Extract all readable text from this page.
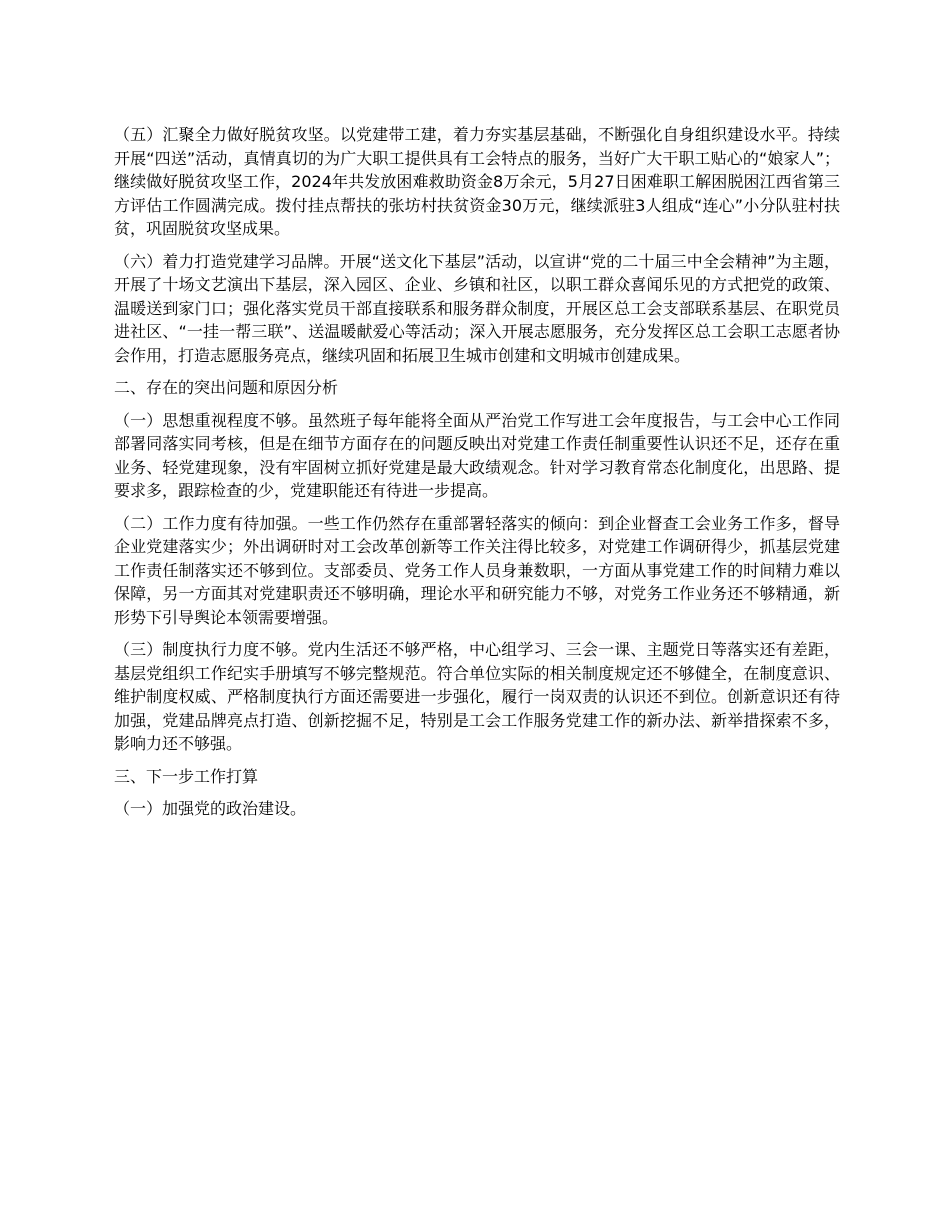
（五）汇聚全力做好脱贫攻坚。以党建带工建，着力夯实基层基础，不断强化自身组织建设水平。持续开展“四送”活动，真情真切的为广大职工提供具有工会特点的服务，当好广大干职工贴心的“娘家人”；继续做好脱贫攻坚工作，2024年共发放困难救助资金8万余元，5月27日困难职工解困脱困江西省第三方评估工作圆满完成。拨付挂点帮扶的张坊村扶贫资金30万元，继续派驻3人组成“连心”小分队驻村扶贫，巩固脱贫攻坚成果。

（六）着力打造党建学习品牌。开展“送文化下基层”活动，以宣讲“党的二十届三中全会精神”为主题，开展了十场文艺演出下基层，深入园区、企业、乡镇和社区，以职工群众喜闻乐见的方式把党的政策、温暖送到家门口；强化落实党员干部直接联系和服务群众制度，开展区总工会支部联系基层、在职党员进社区、“一挂一帮三联”、送温暖献爱心等活动；深入开展志愿服务，充分发挥区总工会职工志愿者协会作用，打造志愿服务亮点，继续巩固和拓展卫生城市创建和文明城市创建成果。

二、存在的突出问题和原因分析

（一）思想重视程度不够。虽然班子每年能将全面从严治党工作写进工会年度报告，与工会中心工作同部署同落实同考核，但是在细节方面存在的问题反映出对党建工作责任制重要性认识还不足，还存在重业务、轻党建现象，没有牢固树立抓好党建是最大政绩观念。针对学习教育常态化制度化，出思路、提要求多，跟踪检查的少，党建职能还有待进一步提高。

（二）工作力度有待加强。一些工作仍然存在重部署轻落实的倾向：到企业督查工会业务工作多，督导企业党建落实少；外出调研时对工会改革创新等工作关注得比较多，对党建工作调研得少，抓基层党建工作责任制落实还不够到位。支部委员、党务工作人员身兼数职，一方面从事党建工作的时间精力难以保障，另一方面其对党建职责还不够明确，理论水平和研究能力不够，对党务工作业务还不够精通，新形势下引导舆论本领需要增强。

（三）制度执行力度不够。党内生活还不够严格，中心组学习、三会一课、主题党日等落实还有差距，基层党组织工作纪实手册填写不够完整规范。符合单位实际的相关制度规定还不够健全，在制度意识、维护制度权威、严格制度执行方面还需要进一步强化，履行一岗双责的认识还不到位。创新意识还有待加强，党建品牌亮点打造、创新挖掘不足，特别是工会工作服务党建工作的新办法、新举措探索不多，影响力还不够强。

三、下一步工作打算

（一）加强党的政治建设。
